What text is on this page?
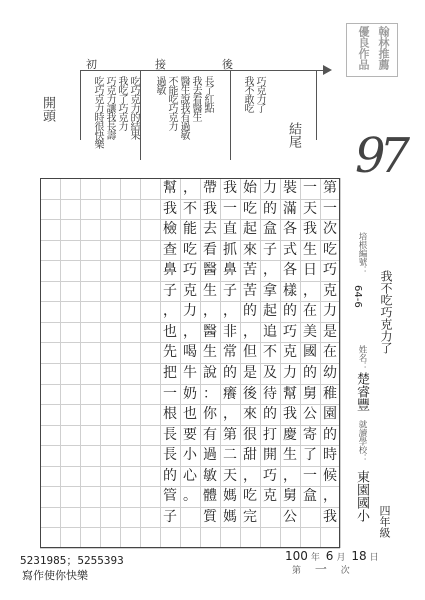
初	接	後
開頭
結尾
吃巧克力時很快樂 巧克力讓我長壽 我吃了巧克力 吃巧克力的結果 過敏 不能吃巧克力 醫生說我有過敏 我去看醫生 長了紅點	我不敢吃 巧克力了
翰林推薦
優良作品
97
第
一
次
吃
巧
克
力
是
在
幼
稚
園
的
時
候
，
我
一
天
我
生
日
，
在
美
國
的
舅
公
寄
了
一
盒
裝
滿
各
式
各
樣
的
巧
克
力
幫
我
慶
生
，
舅
公
力
的
盒
子
，
拿
起
追
不
及
待
的
打
開
巧
克
始
吃
起
來
苦
苦
的
，
但
是
後
來
很
甜
，
吃
完
我
一
直
抓
鼻
子
，
非
常
的
癢
，
第
二
天
媽
媽
帶
我
去
看
醫
生
，
醫
生
說
：
你
有
過
敏
體
質
，
不
能
吃
巧
克
力
，
喝
牛
奶
也
要
小
心
。
幫
我
檢
查
鼻
子
，
也
先
把
一
根
長
長
的
管
子
培根編號：
64-6 我不吃巧克力了
姓名：
楚睿豐
就讀學校：
東園國小 四年級
5231985；5255393
寫作使你快樂
100 年 6 月 18 日
第 一 次
